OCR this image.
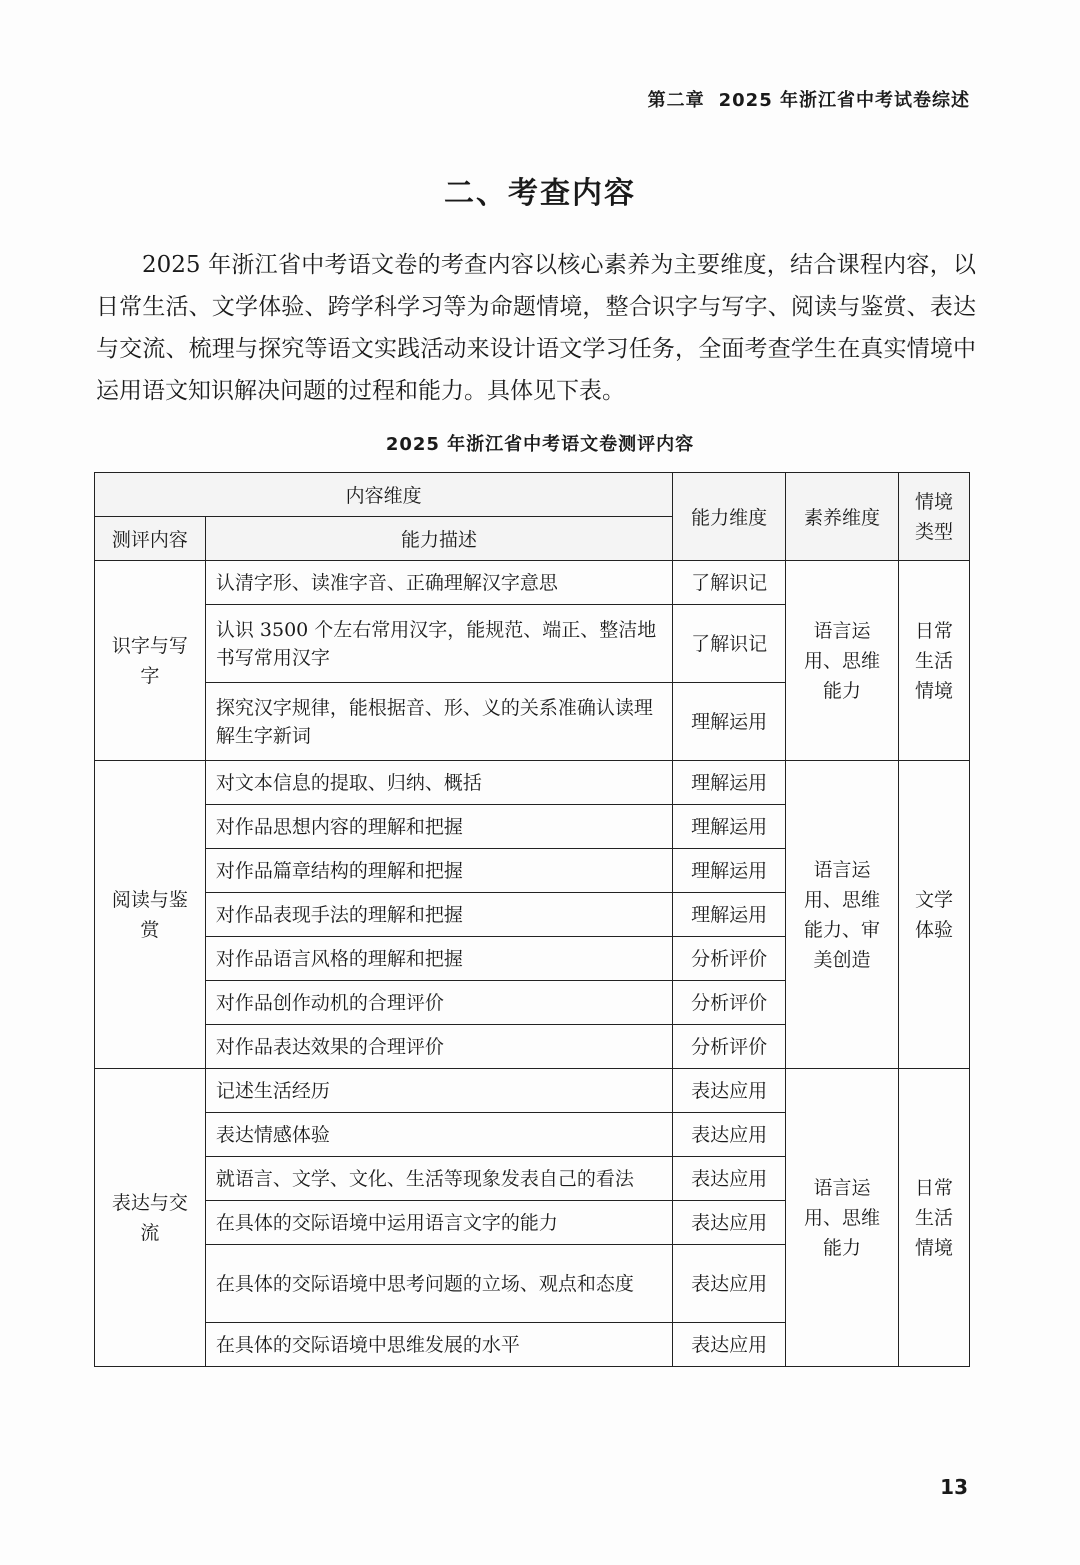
第二章 2025 年浙江省中考试卷综述
二、考查内容
2025 年浙江省中考语文卷的考查内容以核心素养为主要维度，结合课程内容，以日常生活、文学体验、跨学科学习等为命题情境，整合识字与写字、阅读与鉴赏、表达与交流、梳理与探究等语文实践活动来设计语文学习任务，全面考查学生在真实情境中运用语文知识解决问题的过程和能力。具体见下表。
2025 年浙江省中考语文卷测评内容
内容维度		能力维度	素养维度	情境类型
测评内容	能力描述			
识字与写字	认清字形、读准字音、正确理解汉字意思	了解识记	语言运用、思维能力	日常生活情境
	认识 3500 个左右常用汉字，能规范、端正、整洁地书写常用汉字	了解识记		
	探究汉字规律，能根据音、形、义的关系准确认读理解生字新词	理解运用		
阅读与鉴赏	对文本信息的提取、归纳、概括	理解运用	语言运用、思维能力、审美创造	文学体验
	对作品思想内容的理解和把握	理解运用		
	对作品篇章结构的理解和把握	理解运用		
	对作品表现手法的理解和把握	理解运用		
	对作品语言风格的理解和把握	分析评价		
	对作品创作动机的合理评价	分析评价		
	对作品表达效果的合理评价	分析评价		
表达与交流	记述生活经历	表达应用	语言运用、思维能力	日常生活情境
	表达情感体验	表达应用		
	就语言、文学、文化、生活等现象发表自己的看法	表达应用		
	在具体的交际语境中运用语言文字的能力	表达应用		
	在具体的交际语境中思考问题的立场、观点和态度	表达应用		
	在具体的交际语境中思维发展的水平	表达应用		
13
